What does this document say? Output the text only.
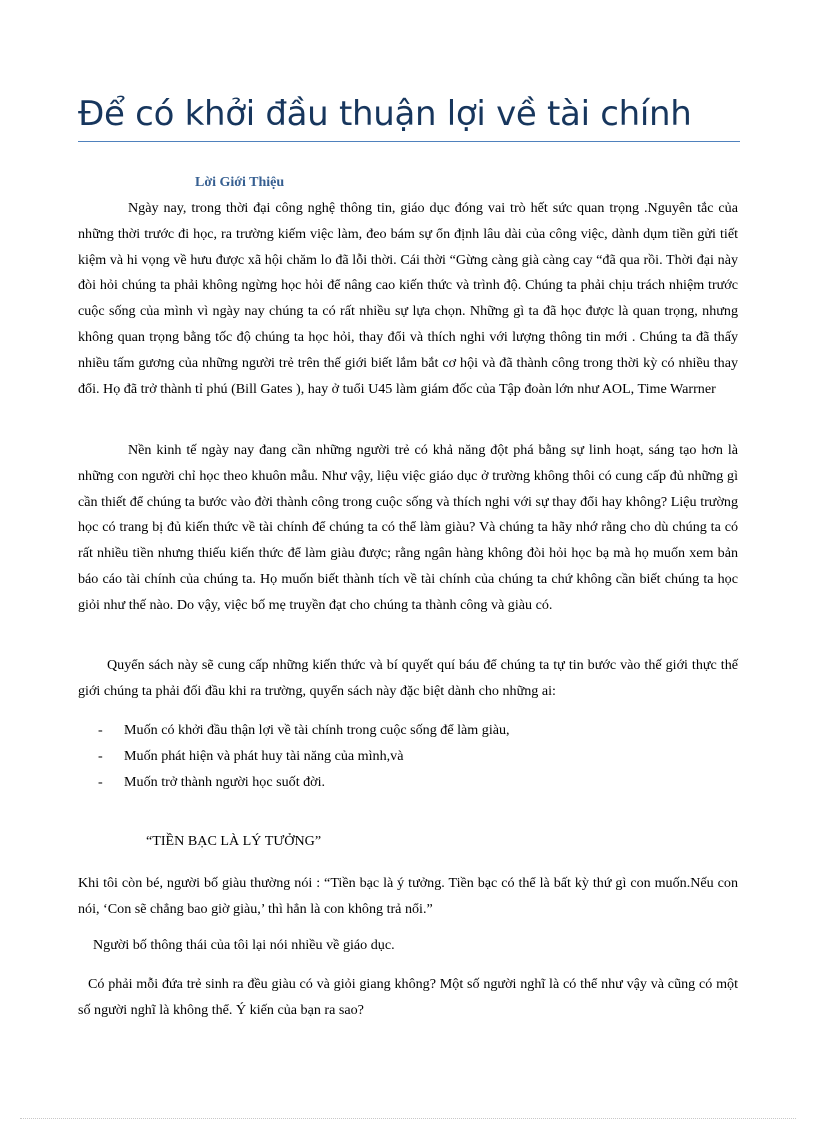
Để có khởi đầu thuận lợi về tài chính
Lời Giới Thiệu

Ngày nay, trong thời đại công nghệ thông tin, giáo dục đóng vai trò hết sức quan trọng .Nguyên tắc của những thời trước đi học, ra trường kiếm việc làm, đeo bám sự ổn định lâu dài của công việc, dành dụm tiền gửi tiết kiệm và hi vọng về hưu được xã hội chăm lo đã lỗi thời. Cái thời “Gừng càng già càng cay “đã qua rồi. Thời đại này đòi hỏi chúng ta phải không ngừng học hỏi để nâng cao kiến thức và trình độ. Chúng ta phải chịu trách nhiệm trước cuộc sống của mình vì ngày nay chúng ta có rất nhiều sự lựa chọn. Những gì ta đã học được là quan trọng, nhưng không quan trọng bằng tốc độ chúng ta học hỏi, thay đổi và thích nghi với lượng thông tin mới . Chúng ta đã thấy nhiều tấm gương của những người trẻ trên thế giới biết lắm bắt cơ hội và đã thành công trong thời kỳ có nhiều thay đổi. Họ đã trở thành tỉ phú (Bill Gates ), hay ở tuổi U45 làm giám đốc của Tập đoàn lớn như AOL, Time Warrner

Nền kinh tế ngày nay đang cần những người trẻ có khả năng đột phá bằng sự linh hoạt, sáng tạo hơn là những con người chỉ học theo khuôn mẫu. Như vậy, liệu việc giáo dục ở trường không thôi có cung cấp đủ những gì cần thiết để chúng ta bước vào đời thành công trong cuộc sống và thích nghi với sự thay đổi hay không? Liệu trường học có trang bị đủ kiến thức về tài chính để chúng ta có thể làm giàu? Và chúng ta hãy nhớ rằng cho dù chúng ta có rất nhiều tiền nhưng thiếu kiến thức để làm giàu được; rằng ngân hàng không đòi hỏi học bạ mà họ muốn xem bản báo cáo tài chính của chúng ta. Họ muốn biết thành tích về tài chính của chúng ta chứ không cần biết chúng ta học giỏi như thế nào. Do vậy, việc bố mẹ truyền đạt cho chúng ta thành công và giàu có.

Quyển sách này sẽ cung cấp những kiến thức và bí quyết quí báu để chúng ta tự tin bước vào thế giới thực thế giới chúng ta phải đối đầu khi ra trường, quyển sách này đặc biệt dành cho những ai:

- Muốn có khởi đầu thận lợi về tài chính trong cuộc sống để làm giàu,
- Muốn phát hiện và phát huy tài năng của mình,và
- Muốn trở thành người học suốt đời.
“TIỀN BẠC LÀ LÝ TƯỞNG”

Khi tôi còn bé, người bố giàu thường nói : “Tiền bạc là ý tưởng. Tiền bạc có thể là bất kỳ thứ gì con muốn.Nếu con nói, ‘Con sẽ chẳng bao giờ giàu,’ thì hẳn là con không trả nổi.”

Người bố thông thái của tôi lại nói nhiều về giáo dục.

Có phải mỗi đứa trẻ sinh ra đều giàu có và giỏi giang không? Một số người nghĩ là có thể như vậy và cũng có một số người nghĩ là không thể. Ý kiến của bạn ra sao?
